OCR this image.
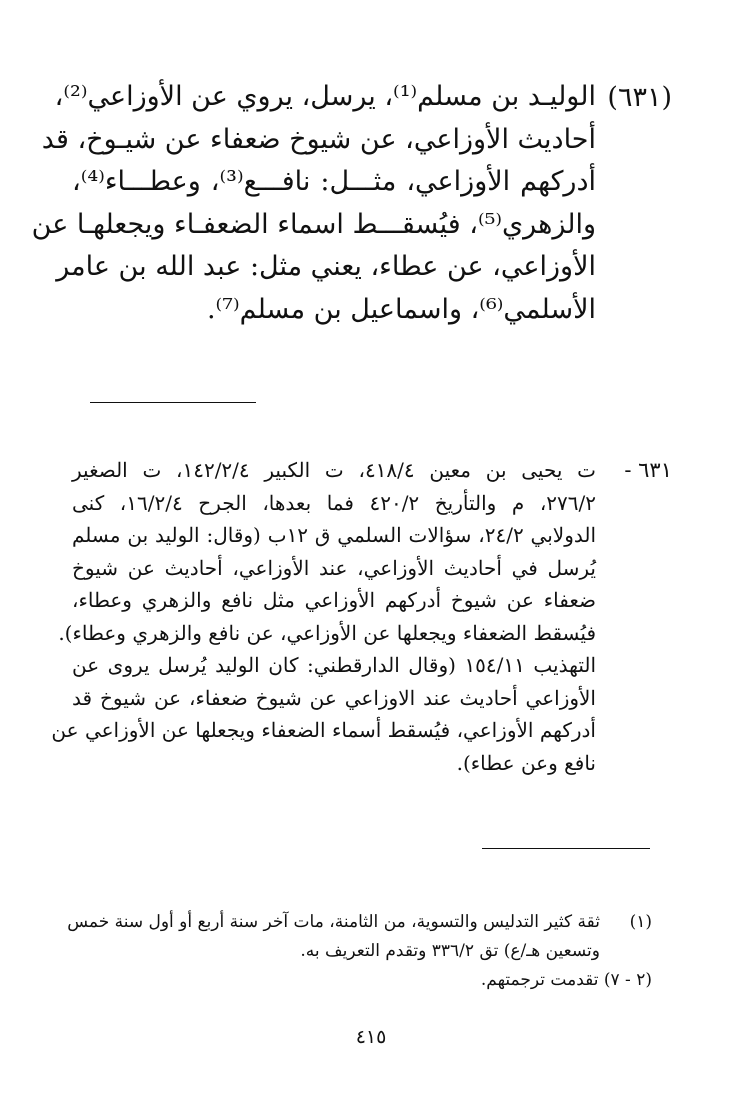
(٦٣١)
الوليـد بن مسلم⁽¹⁾، يرسل، يروي عن الأوزاعي⁽²⁾،
أحاديث الأوزاعي، عن شيوخ ضعفاء عن شيـوخ، قد
أدركهم الأوزاعي، مثـــل: نافـــع⁽³⁾، وعطـــاء⁽⁴⁾،
والزهري⁽⁵⁾، فيُسقـــط اسماء الضعفـاء ويجعلهـا عن
الأوزاعي، عن عطاء، يعني مثل: عبد الله بن عامر
الأسلمي⁽⁶⁾، واسماعيل بن مسلم⁽⁷⁾.
٦٣١ -
ت يحيى بن معين ٤١٨/٤، ت الكبير ١٤٢/٢/٤، ت الصغير
٢٧٦/٢، م والتأريخ ٤٢٠/٢ فما بعدها، الجرح ١٦/٢/٤، كنى
الدولابي ٢٤/٢، سؤالات السلمي ق ١٢ب (وقال: الوليد بن مسلم
يُرسل في أحاديث الأوزاعي، عند الأوزاعي، أحاديث عن شيوخ
ضعفاء عن شيوخ أدركهم الأوزاعي مثل نافع والزهري وعطاء،
فيُسقط الضعفاء ويجعلها عن الأوزاعي، عن نافع والزهري وعطاء).
التهذيب ١٥٤/١١ (وقال الدارقطني: كان الوليد يُرسل يروى عن
الأوزاعي أحاديث عند الاوزاعي عن شيوخ ضعفاء، عن شيوخ قد
أدركهم الأوزاعي، فيُسقط أسماء الضعفاء ويجعلها عن الأوزاعي عن
نافع وعن عطاء).
(١)
ثقة كثير التدليس والتسوية، من الثامنة، مات آخر سنة أربع أو أول سنة خمس
وتسعين هـ/ع) تق ٣٣٦/٢ وتقدم التعريف به.
(٢ - ٧) تقدمت ترجمتهم.
٤١٥
